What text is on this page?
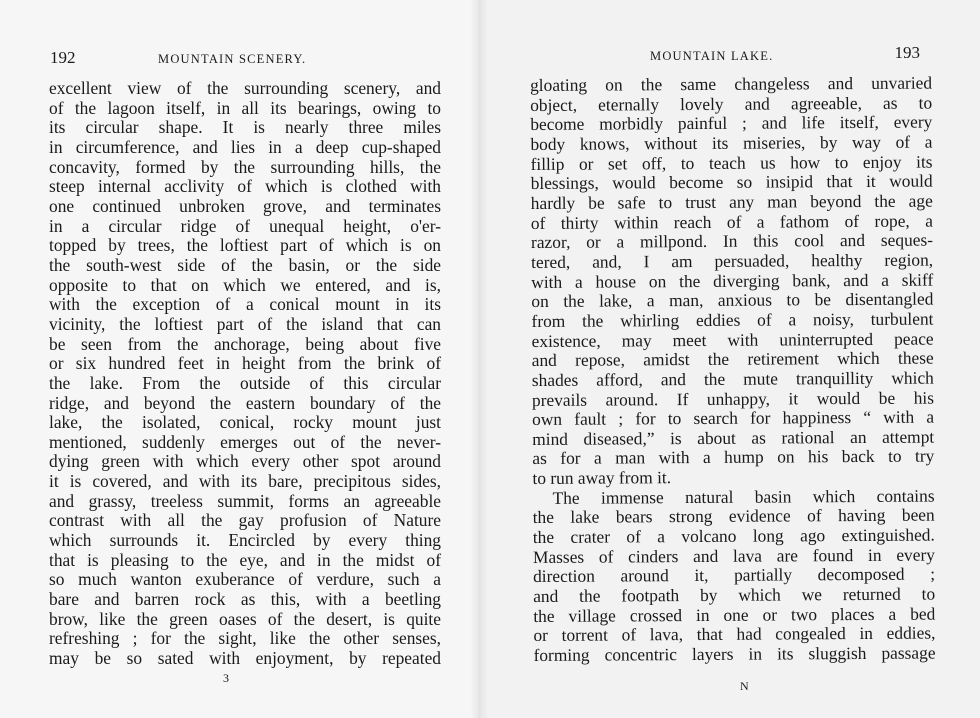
192	MOUNTAIN SCENERY.
excellent view of the surrounding scenery, and
of the lagoon itself, in all its bearings, owing to
its circular shape. It is nearly three miles
in circumference, and lies in a deep cup-shaped
concavity, formed by the surrounding hills, the
steep internal acclivity of which is clothed with
one continued unbroken grove, and terminates
in a circular ridge of unequal height, o'er-
topped by trees, the loftiest part of which is on
the south-west side of the basin, or the side
opposite to that on which we entered, and is,
with the exception of a conical mount in its
vicinity, the loftiest part of the island that can
be seen from the anchorage, being about five
or six hundred feet in height from the brink of
the lake. From the outside of this circular
ridge, and beyond the eastern boundary of the
lake, the isolated, conical, rocky mount just
mentioned, suddenly emerges out of the never-
dying green with which every other spot around
it is covered, and with its bare, precipitous sides,
and grassy, treeless summit, forms an agreeable
contrast with all the gay profusion of Nature
which surrounds it. Encircled by every thing
that is pleasing to the eye, and in the midst of
so much wanton exuberance of verdure, such a
bare and barren rock as this, with a beetling
brow, like the green oases of the desert, is quite
refreshing ; for the sight, like the other senses,
may be so sated with enjoyment, by repeated
3
MOUNTAIN LAKE.	193
gloating on the same changeless and unvaried
object, eternally lovely and agreeable, as to
become morbidly painful ; and life itself, every
body knows, without its miseries, by way of a
fillip or set off, to teach us how to enjoy its
blessings, would become so insipid that it would
hardly be safe to trust any man beyond the age
of thirty within reach of a fathom of rope, a
razor, or a millpond. In this cool and seques-
tered, and, I am persuaded, healthy region,
with a house on the diverging bank, and a skiff
on the lake, a man, anxious to be disentangled
from the whirling eddies of a noisy, turbulent
existence, may meet with uninterrupted peace
and repose, amidst the retirement which these
shades afford, and the mute tranquillity which
prevails around. If unhappy, it would be his
own fault ; for to search for happiness “ with a
mind diseased,” is about as rational an attempt
as for a man with a hump on his back to try
to run away from it.
The immense natural basin which contains
the lake bears strong evidence of having been
the crater of a volcano long ago extinguished.
Masses of cinders and lava are found in every
direction around it, partially decomposed ;
and the footpath by which we returned to
the village crossed in one or two places a bed
or torrent of lava, that had congealed in eddies,
forming concentric layers in its sluggish passage
N
